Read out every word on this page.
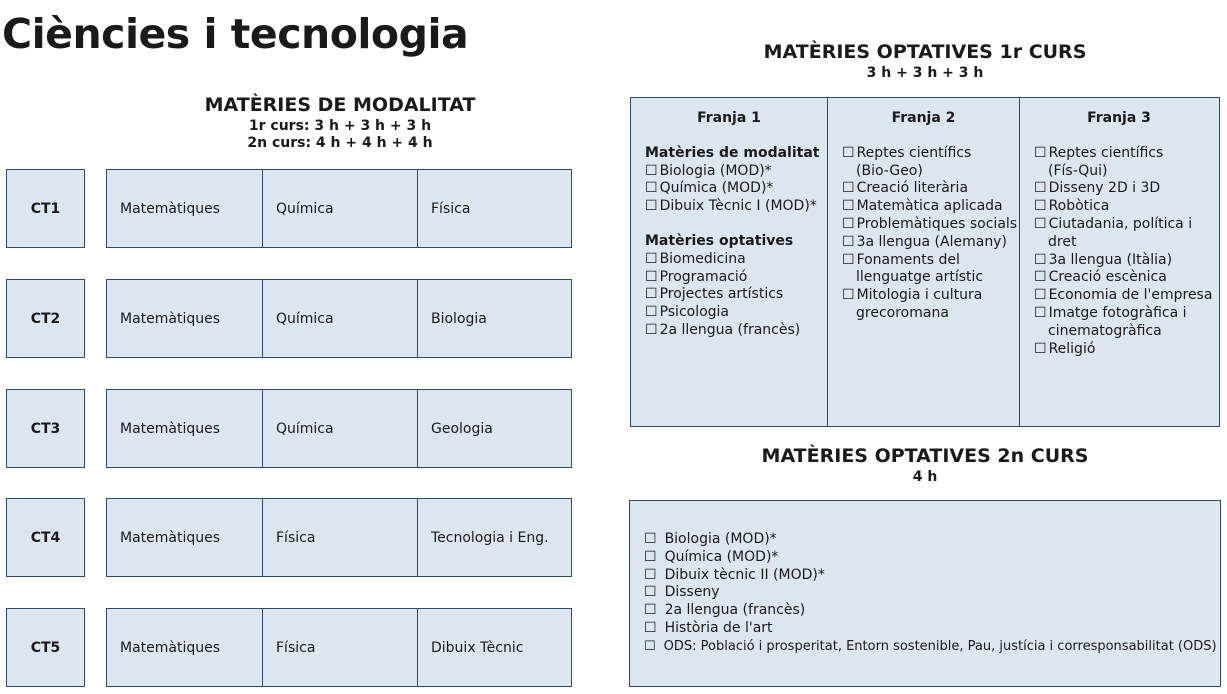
Ciències i tecnologia
MATÈRIES DE MODALITAT
1r curs: 3 h + 3 h + 3 h
2n curs: 4 h + 4 h + 4 h
CT1	Matemàtiques	Química	Física
CT2	Matemàtiques	Química	Biologia
CT3	Matemàtiques	Química	Geologia
CT4	Matemàtiques	Física	Tecnologia i Eng.
CT5	Matemàtiques	Física	Dibuix Tècnic
MATÈRIES OPTATIVES 1r CURS
3 h + 3 h + 3 h
Franja 1
Matèries de modalitat
☐ Biologia (MOD)*
☐ Química (MOD)*
☐ Dibuix Tècnic I (MOD)*
Matèries optatives
☐ Biomedicina
☐ Programació
☐ Projectes artístics
☐ Psicologia
☐ 2a llengua (francès)
Franja 2
☐ Reptes científics
(Bio-Geo)
☐ Creació literària
☐ Matemàtica aplicada
☐ Problemàtiques socials
☐ 3a llengua (Alemany)
☐ Fonaments del
llenguatge artístic
☐ Mitologia i cultura
grecoromana
Franja 3
☐ Reptes científics
(Fís-Qui)
☐ Disseny 2D i 3D
☐ Robòtica
☐ Ciutadania, política i
dret
☐ 3a llengua (Itàlia)
☐ Creació escènica
☐ Economia de l'empresa
☐ Imatge fotogràfica i
cinematogràfica
☐ Religió
MATÈRIES OPTATIVES 2n CURS
4 h
☐ Biologia (MOD)*
☐ Química (MOD)*
☐ Dibuix tècnic II (MOD)*
☐ Disseny
☐ 2a llengua (francès)
☐ Història de l'art
☐ ODS: Població i prosperitat, Entorn sostenible, Pau, justícia i corresponsabilitat (ODS)
